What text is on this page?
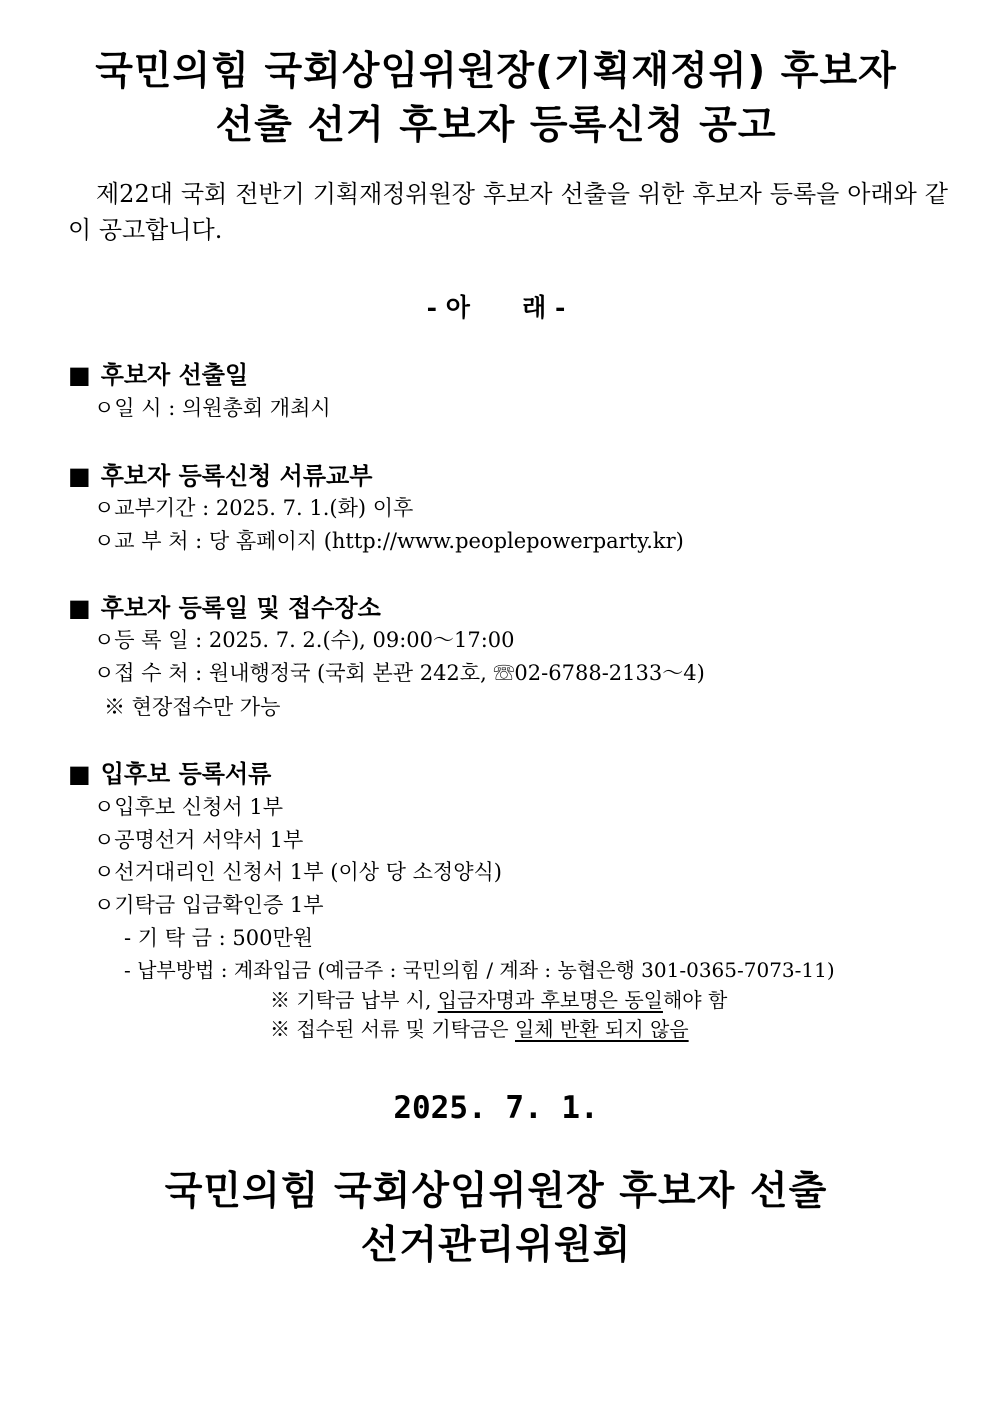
국민의힘 국회상임위원장(기획재정위) 후보자
선출 선거 후보자 등록신청 공고
제22대 국회 전반기 기획재정위원장 후보자 선출을 위한 후보자 등록을 아래와 같이 공고합니다.
- 아      래 -
■ 후보자 선출일
ㅇ일 시 : 의원총회 개최시
■ 후보자 등록신청 서류교부
ㅇ교부기간 : 2025. 7. 1.(화) 이후
ㅇ교 부 처 : 당 홈페이지 (http://www.peoplepowerparty.kr)
■ 후보자 등록일 및 접수장소
ㅇ등 록 일 : 2025. 7. 2.(수), 09:00～17:00
ㅇ접 수 처 : 원내행정국 (국회 본관 242호, ☏02-6788-2133～4)
※ 현장접수만 가능
■ 입후보 등록서류
ㅇ입후보 신청서 1부
ㅇ공명선거 서약서 1부
ㅇ선거대리인 신청서 1부 (이상 당 소정양식)
ㅇ기탁금 입금확인증 1부
- 기 탁 금 : 500만원
- 납부방법 : 계좌입금 (예금주 : 국민의힘 / 계좌 : 농협은행 301-0365-7073-11)
※ 기탁금 납부 시, 입금자명과 후보명은 동일해야 함
※ 접수된 서류 및 기탁금은 일체 반환 되지 않음
2025. 7. 1.
국민의힘 국회상임위원장 후보자 선출
선거관리위원회
